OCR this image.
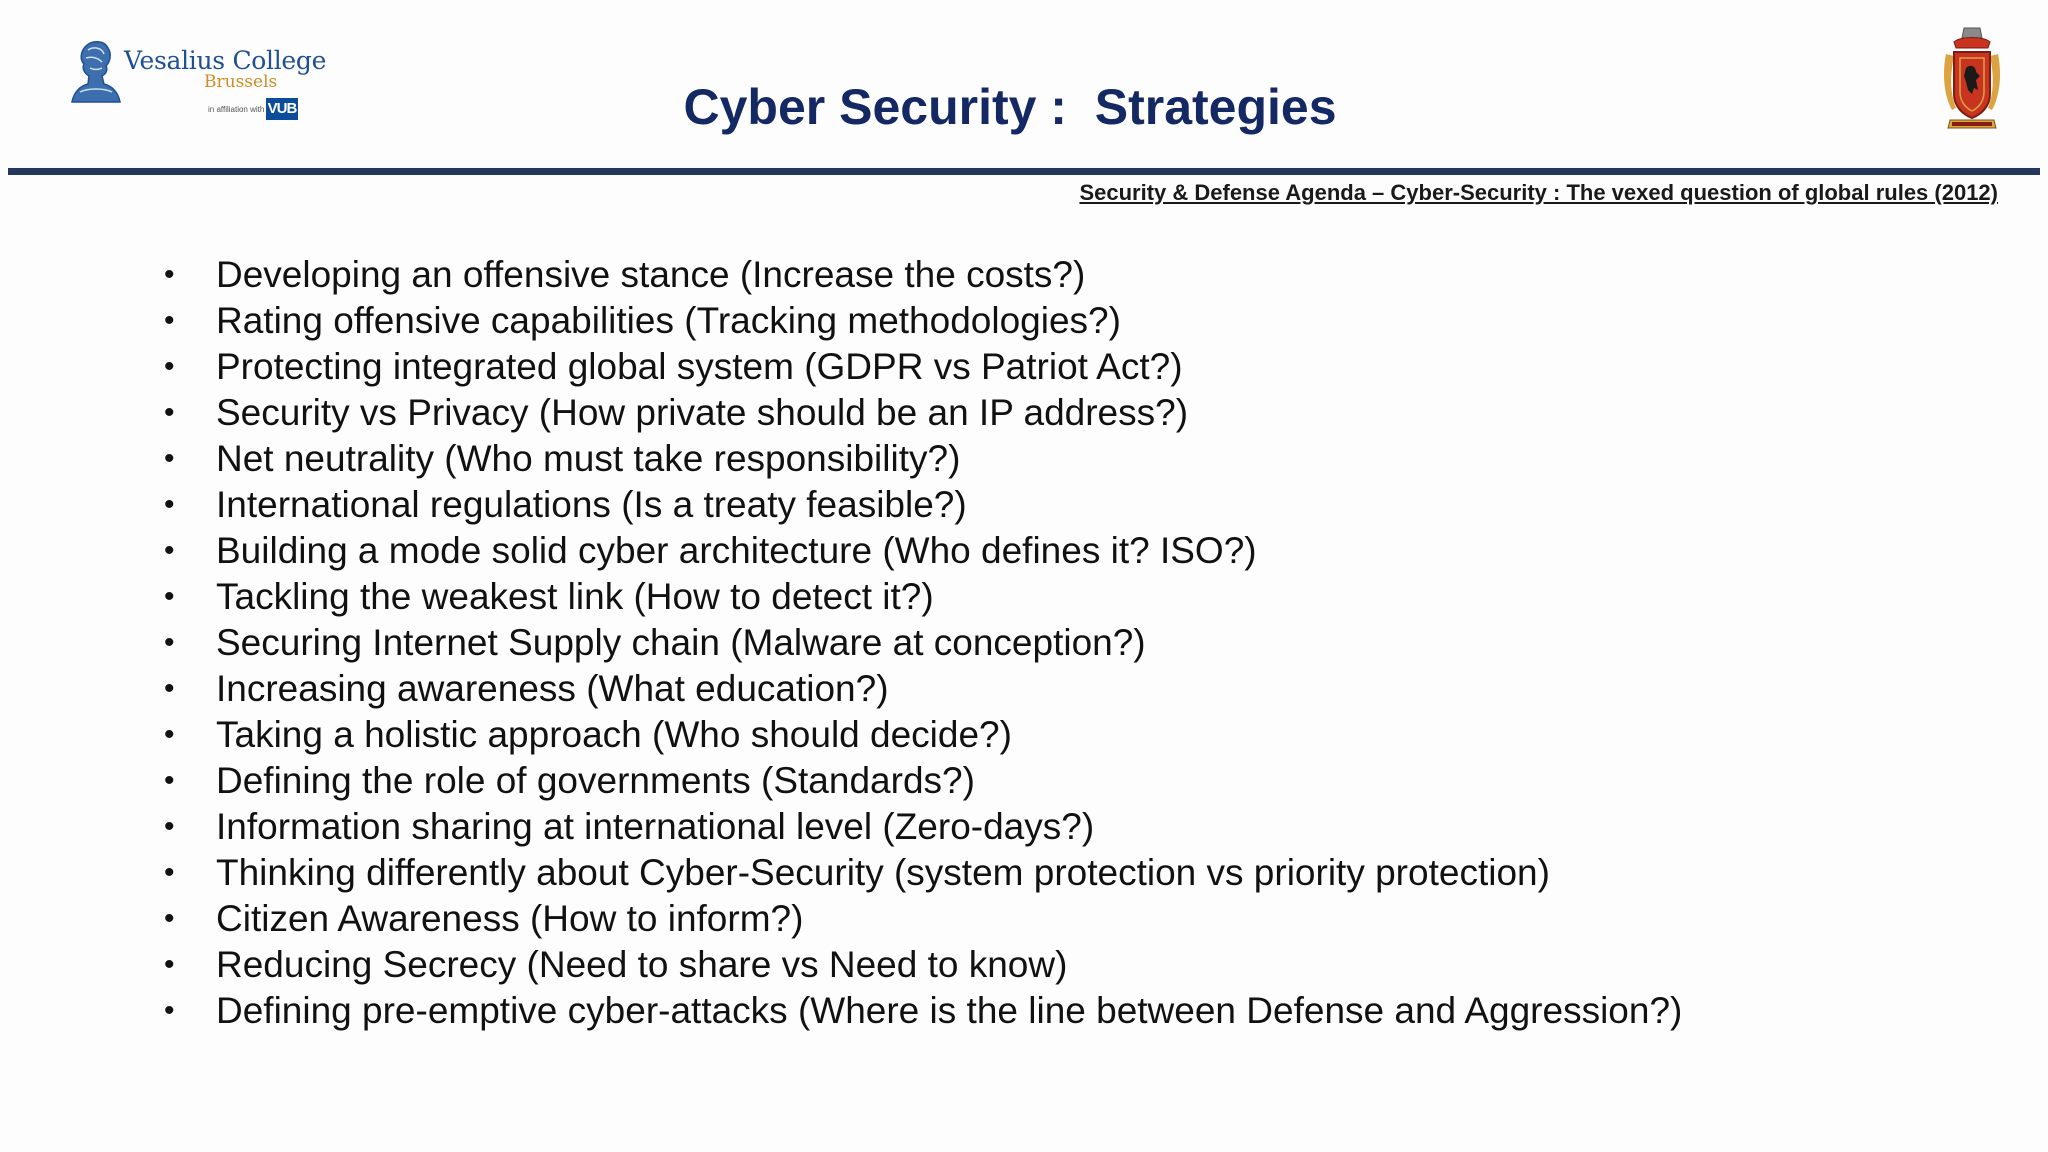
Vesalius College
Brussels
in affiliation with VUB	Cyber Security :  Strategies
Security & Defense Agenda – Cyber-Security : The vexed question of global rules (2012)
•	Developing an offensive stance (Increase the costs?)
•	Rating offensive capabilities (Tracking methodologies?)
•	Protecting integrated global system (GDPR vs Patriot Act?)
•	Security vs Privacy (How private should be an IP address?)
•	Net neutrality (Who must take responsibility?)
•	International regulations (Is a treaty feasible?)
•	Building a mode solid cyber architecture (Who defines it? ISO?)
•	Tackling the weakest link (How to detect it?)
•	Securing Internet Supply chain (Malware at conception?)
•	Increasing awareness (What education?)
•	Taking a holistic approach (Who should decide?)
•	Defining the role of governments (Standards?)
•	Information sharing at international level (Zero-days?)
•	Thinking differently about Cyber-Security (system protection vs priority protection)
•	Citizen Awareness (How to inform?)
•	Reducing Secrecy (Need to share vs Need to know)
•	Defining pre-emptive cyber-attacks (Where is the line between Defense and Aggression?)
